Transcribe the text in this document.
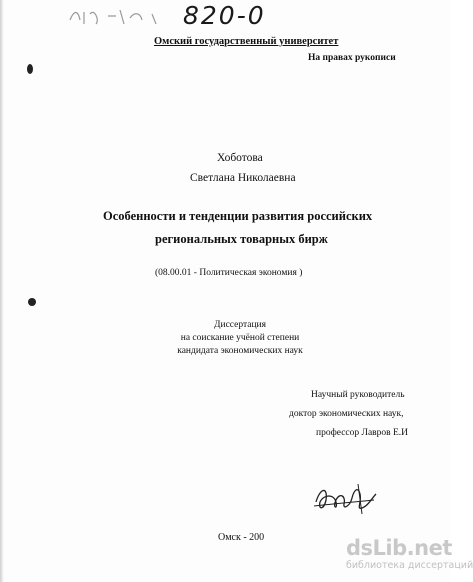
820-0
Омский государственный университет
На правах рукописи
Хоботова
Светлана Николаевна
Особенности и тенденции развития российских
региональных товарных бирж
(08.00.01 - Политическая экономия )
Диссертация
на соискание учёной степени
кандидата экономических наук
Научный руководитель
доктор экономических наук,
профессор Лавров Е.И
Омск - 200	dsLib.net
библиотека диссертаций
